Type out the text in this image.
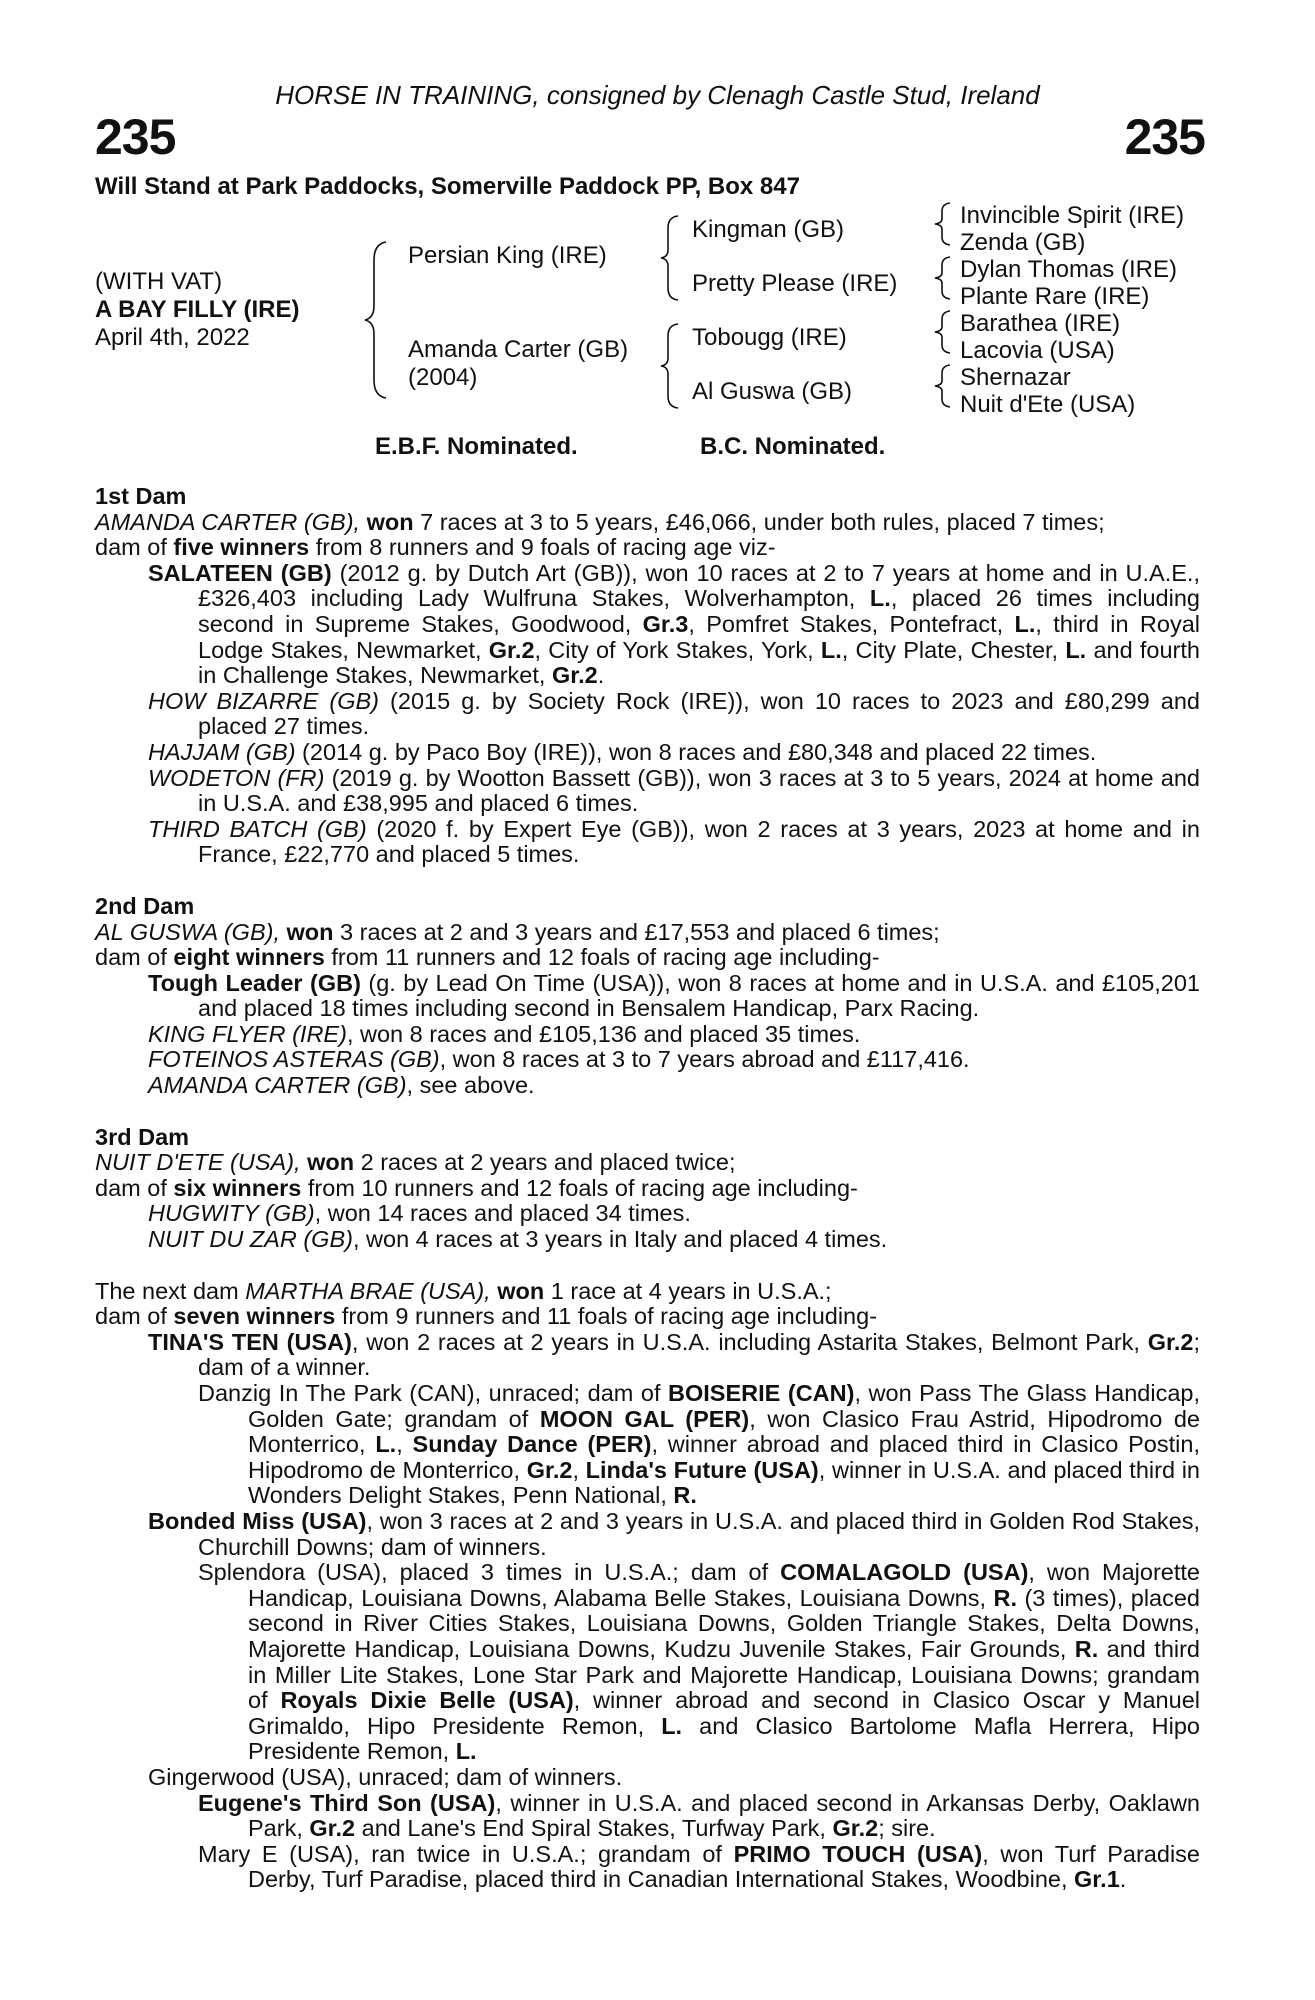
HORSE IN TRAINING, consigned by Clenagh Castle Stud, Ireland
235	235
Will Stand at Park Paddocks, Somerville Paddock PP, Box 847
(WITH VAT)
A BAY FILLY (IRE)
April 4th, 2022
Persian King (IRE)
Amanda Carter (GB)
(2004)
Kingman (GB)
Pretty Please (IRE)
Tobougg (IRE)
Al Guswa (GB)
Invincible Spirit (IRE)
Zenda (GB)
Dylan Thomas (IRE)
Plante Rare (IRE)
Barathea (IRE)
Lacovia (USA)
Shernazar
Nuit d'Ete (USA)
E.B.F. Nominated.	B.C. Nominated.

1st Dam

AMANDA CARTER (GB), won 7 races at 3 to 5 years, £46,066, under both rules, placed 7 times;

dam of five winners from 8 runners and 9 foals of racing age viz-

SALATEEN (GB) (2012 g. by Dutch Art (GB)), won 10 races at 2 to 7 years at home and in U.A.E., £326,403 including Lady Wulfruna Stakes, Wolverhampton, L., placed 26 times including second in Supreme Stakes, Goodwood, Gr.3, Pomfret Stakes, Pontefract, L., third in Royal Lodge Stakes, Newmarket, Gr.2, City of York Stakes, York, L., City Plate, Chester, L. and fourth in Challenge Stakes, Newmarket, Gr.2.

HOW BIZARRE (GB) (2015 g. by Society Rock (IRE)), won 10 races to 2023 and £80,299 and placed 27 times.

HAJJAM (GB) (2014 g. by Paco Boy (IRE)), won 8 races and £80,348 and placed 22 times.

WODETON (FR) (2019 g. by Wootton Bassett (GB)), won 3 races at 3 to 5 years, 2024 at home and in U.S.A. and £38,995 and placed 6 times.

THIRD BATCH (GB) (2020 f. by Expert Eye (GB)), won 2 races at 3 years, 2023 at home and in France, £22,770 and placed 5 times.

2nd Dam

AL GUSWA (GB), won 3 races at 2 and 3 years and £17,553 and placed 6 times;

dam of eight winners from 11 runners and 12 foals of racing age including-

Tough Leader (GB) (g. by Lead On Time (USA)), won 8 races at home and in U.S.A. and £105,201 and placed 18 times including second in Bensalem Handicap, Parx Racing.

KING FLYER (IRE), won 8 races and £105,136 and placed 35 times.

FOTEINOS ASTERAS (GB), won 8 races at 3 to 7 years abroad and £117,416.

AMANDA CARTER (GB), see above.

3rd Dam

NUIT D'ETE (USA), won 2 races at 2 years and placed twice;

dam of six winners from 10 runners and 12 foals of racing age including-

HUGWITY (GB), won 14 races and placed 34 times.

NUIT DU ZAR (GB), won 4 races at 3 years in Italy and placed 4 times.

The next dam MARTHA BRAE (USA), won 1 race at 4 years in U.S.A.;

dam of seven winners from 9 runners and 11 foals of racing age including-

TINA'S TEN (USA), won 2 races at 2 years in U.S.A. including Astarita Stakes, Belmont Park, Gr.2; dam of a winner.

Danzig In The Park (CAN), unraced; dam of BOISERIE (CAN), won Pass The Glass Handicap, Golden Gate; grandam of MOON GAL (PER), won Clasico Frau Astrid, Hipodromo de Monterrico, L., Sunday Dance (PER), winner abroad and placed third in Clasico Postin, Hipodromo de Monterrico, Gr.2, Linda's Future (USA), winner in U.S.A. and placed third in Wonders Delight Stakes, Penn National, R.

Bonded Miss (USA), won 3 races at 2 and 3 years in U.S.A. and placed third in Golden Rod Stakes, Churchill Downs; dam of winners.

Splendora (USA), placed 3 times in U.S.A.; dam of COMALAGOLD (USA), won Majorette Handicap, Louisiana Downs, Alabama Belle Stakes, Louisiana Downs, R. (3 times), placed second in River Cities Stakes, Louisiana Downs, Golden Triangle Stakes, Delta Downs, Majorette Handicap, Louisiana Downs, Kudzu Juvenile Stakes, Fair Grounds, R. and third in Miller Lite Stakes, Lone Star Park and Majorette Handicap, Louisiana Downs; grandam of Royals Dixie Belle (USA), winner abroad and second in Clasico Oscar y Manuel Grimaldo, Hipo Presidente Remon, L. and Clasico Bartolome Mafla Herrera, Hipo Presidente Remon, L.

Gingerwood (USA), unraced; dam of winners.

Eugene's Third Son (USA), winner in U.S.A. and placed second in Arkansas Derby, Oaklawn Park, Gr.2 and Lane's End Spiral Stakes, Turfway Park, Gr.2; sire.

Mary E (USA), ran twice in U.S.A.; grandam of PRIMO TOUCH (USA), won Turf Paradise Derby, Turf Paradise, placed third in Canadian International Stakes, Woodbine, Gr.1.
